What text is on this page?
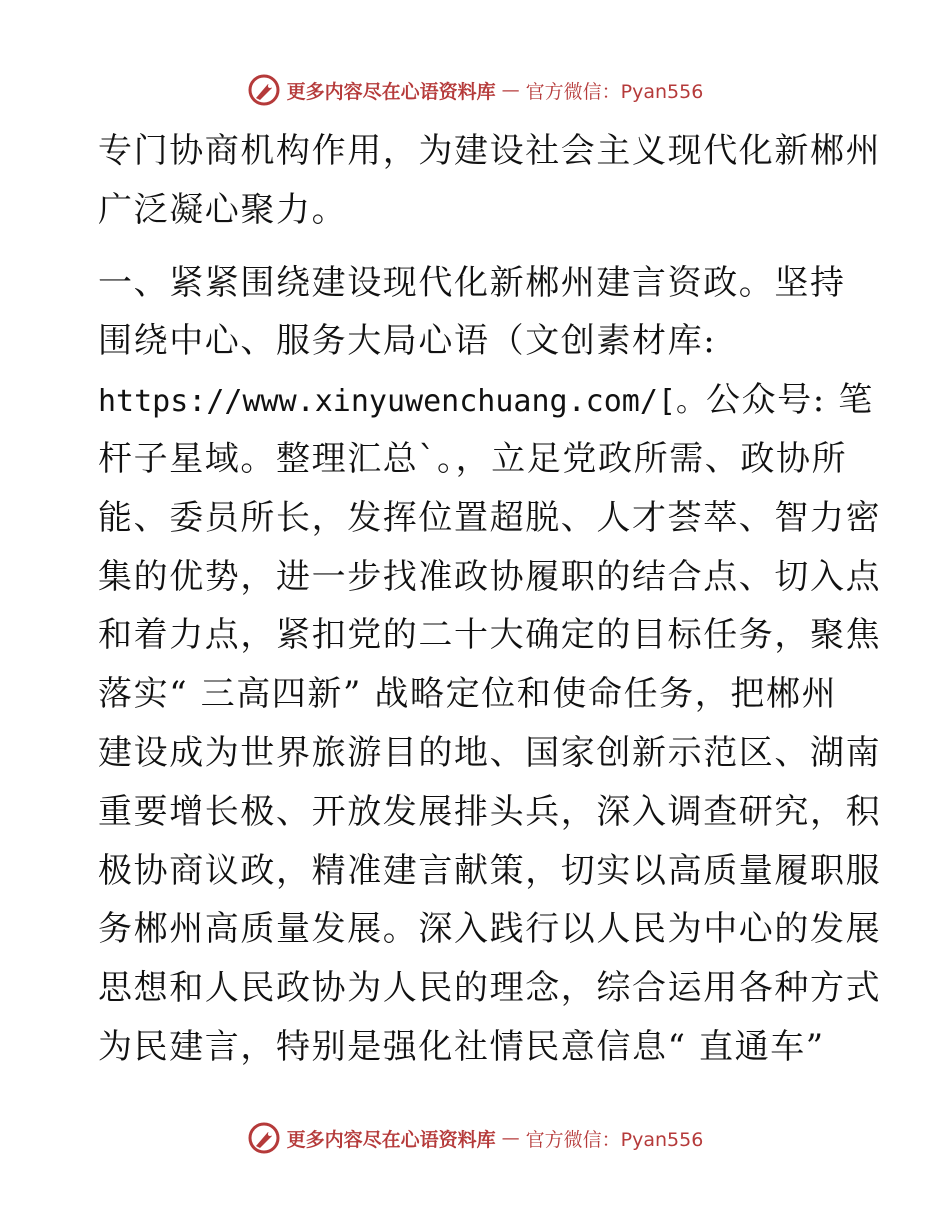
更多内容尽在心语资料库 — 官方微信：Pyan556
专门协商机构作用，为建设社会主义现代化新郴州
广泛凝心聚力。
一、紧紧围绕建设现代化新郴州建言资政。坚持
围绕中心、服务大局心语（文创素材库:
https://www.xinyuwenchuang.com/[。公众号: 笔
杆子星域。整理汇总`。，立足党政所需、政协所
能、委员所长，发挥位置超脱、人才荟萃、智力密
集的优势，进一步找准政协履职的结合点、切入点
和着力点，紧扣党的二十大确定的目标任务，聚焦
落实“ 三高四新” 战略定位和使命任务，把郴州
建设成为世界旅游目的地、国家创新示范区、湖南
重要增长极、开放发展排头兵，深入调查研究，积
极协商议政，精准建言献策，切实以高质量履职服
务郴州高质量发展。深入践行以人民为中心的发展
思想和人民政协为人民的理念，综合运用各种方式
为民建言，特别是强化社情民意信息“ 直通车”
更多内容尽在心语资料库 — 官方微信：Pyan556
